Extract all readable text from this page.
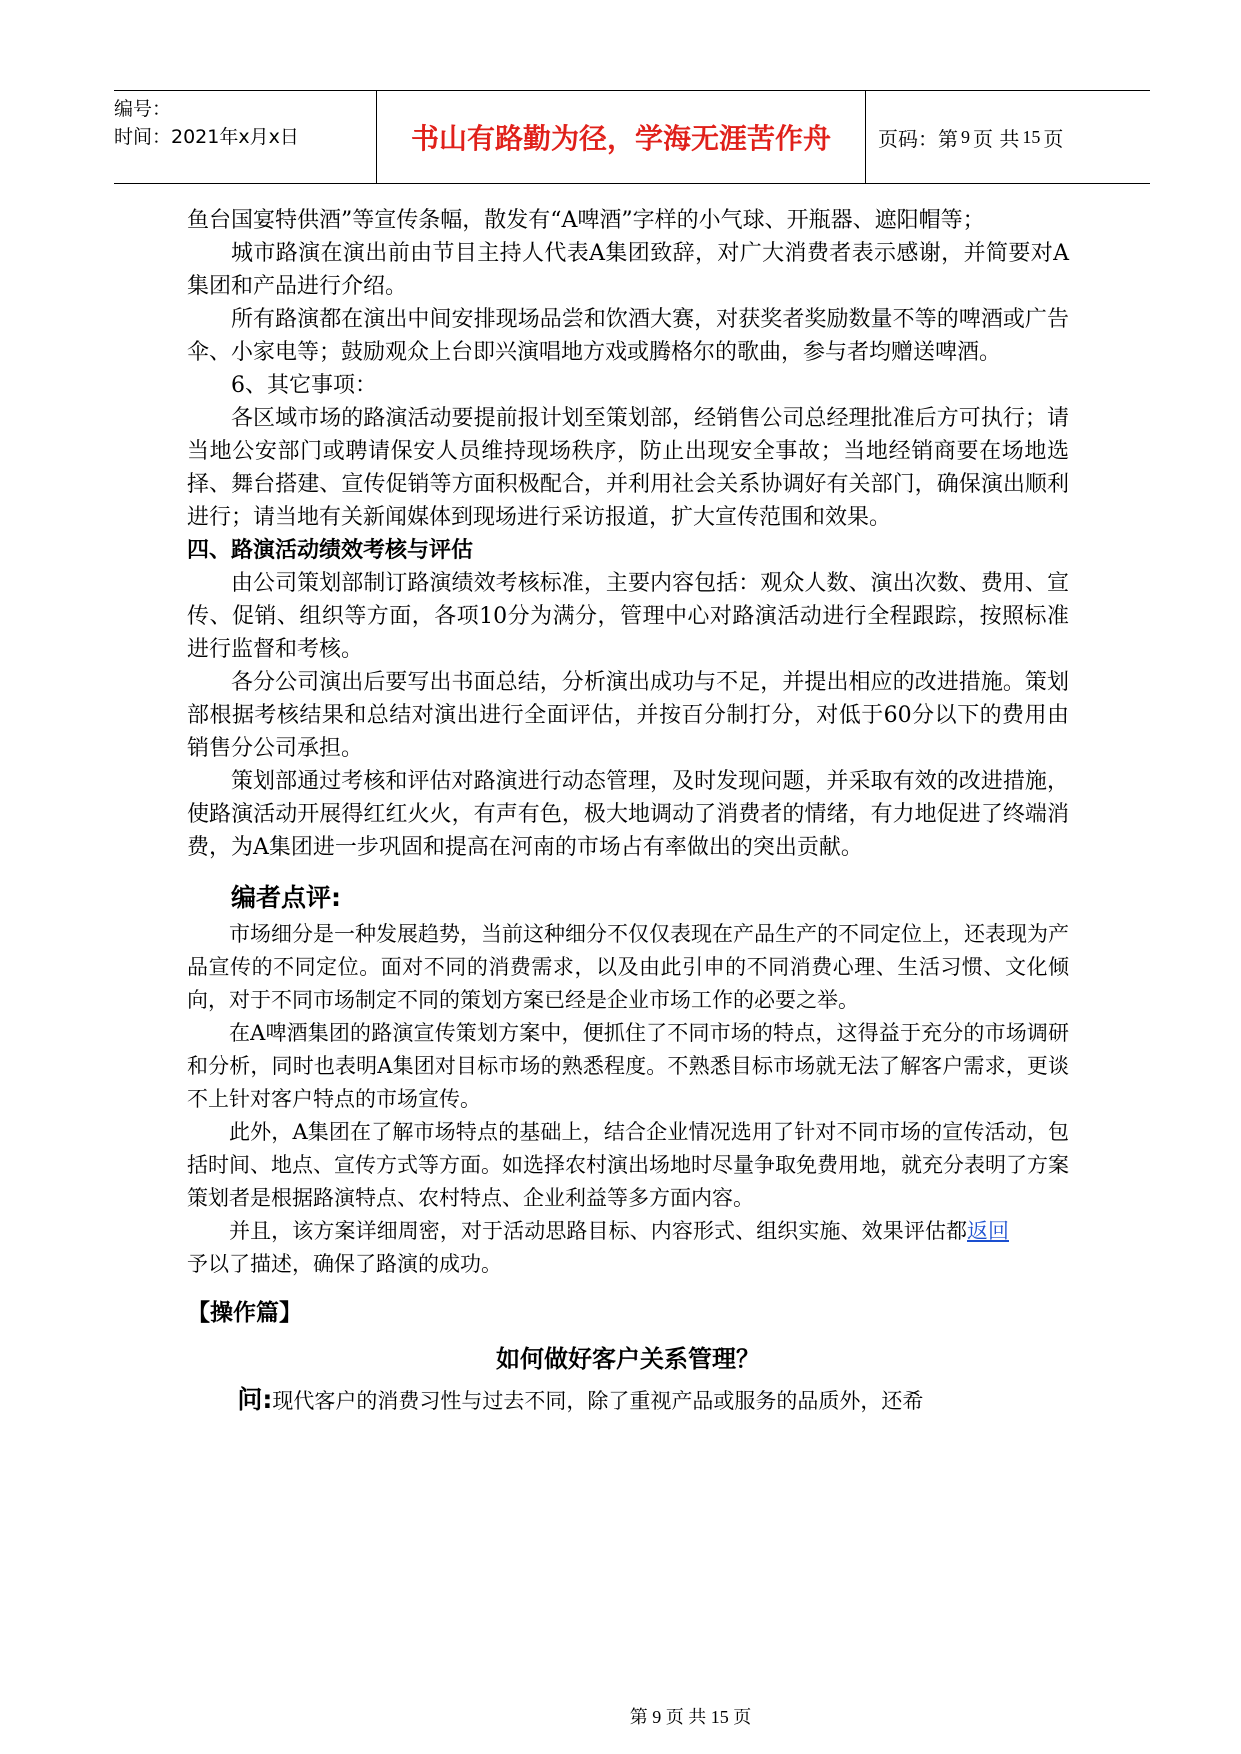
编号：
时间：2021年x月x日	书山有路勤为径，学海无涯苦作舟 页码：第 9 页 共 15 页

鱼台国宴特供酒”等宣传条幅，散发有“A啤酒”字样的小气球、开瓶器、遮阳帽等；

城市路演在演出前由节目主持人代表A集团致辞，对广大消费者表示感谢，并简要对A集团和产品进行介绍。

所有路演都在演出中间安排现场品尝和饮酒大赛，对获奖者奖励数量不等的啤酒或广告伞、小家电等；鼓励观众上台即兴演唱地方戏或腾格尔的歌曲，参与者均赠送啤酒。

6、其它事项：

各区域市场的路演活动要提前报计划至策划部，经销售公司总经理批准后方可执行；请当地公安部门或聘请保安人员维持现场秩序，防止出现安全事故；当地经销商要在场地选择、舞台搭建、宣传促销等方面积极配合，并利用社会关系协调好有关部门，确保演出顺利进行；请当地有关新闻媒体到现场进行采访报道，扩大宣传范围和效果。

四、路演活动绩效考核与评估

由公司策划部制订路演绩效考核标准，主要内容包括：观众人数、演出次数、费用、宣传、促销、组织等方面，各项10分为满分，管理中心对路演活动进行全程跟踪，按照标准进行监督和考核。

各分公司演出后要写出书面总结，分析演出成功与不足，并提出相应的改进措施。策划部根据考核结果和总结对演出进行全面评估，并按百分制打分，对低于60分以下的费用由销售分公司承担。

策划部通过考核和评估对路演进行动态管理，及时发现问题，并采取有效的改进措施，使路演活动开展得红红火火，有声有色，极大地调动了消费者的情绪，有力地促进了终端消费，为A集团进一步巩固和提高在河南的市场占有率做出的突出贡献。

编者点评:

市场细分是一种发展趋势，当前这种细分不仅仅表现在产品生产的不同定位上，还表现为产品宣传的不同定位。面对不同的消费需求，以及由此引申的不同消费心理、生活习惯、文化倾向，对于不同市场制定不同的策划方案已经是企业市场工作的必要之举。

在A啤酒集团的路演宣传策划方案中，便抓住了不同市场的特点，这得益于充分的市场调研和分析，同时也表明A集团对目标市场的熟悉程度。不熟悉目标市场就无法了解客户需求，更谈不上针对客户特点的市场宣传。

此外，A集团在了解市场特点的基础上，结合企业情况选用了针对不同市场的宣传活动，包括时间、地点、宣传方式等方面。如选择农村演出场地时尽量争取免费用地，就充分表明了方案策划者是根据路演特点、农村特点、企业利益等多方面内容。

并且，该方案详细周密，对于活动思路目标、内容形式、组织实施、效果评估都予以了描述，确保了路演的成功。

返回

【操作篇】

如何做好客户关系管理？

问:现代客户的消费习性与过去不同，除了重视产品或服务的品质外，还希

第 9 页 共 15 页
